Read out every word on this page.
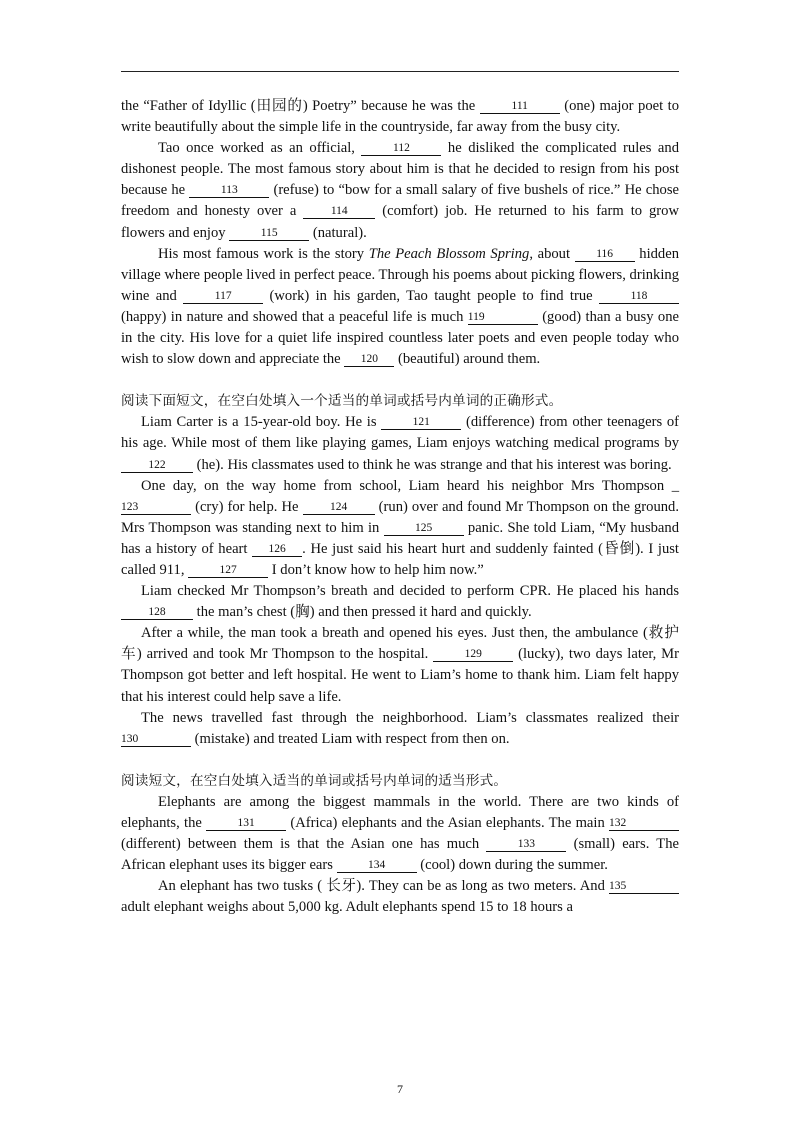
the “Father of Idyllic (田园的) Poetry” because he was the	111 (one) major poet to write beautifully about the simple life in the countryside, far away from the busy city.

Tao once worked as an official,	112 he disliked the complicated rules and dishonest people. The most famous story about him is that he decided to resign from his post because he	113 (refuse) to “bow for a small salary of five bushels of rice.” He chose freedom and honesty over a 114 (comfort) job. He returned to his farm to grow flowers and enjoy	115 (natural).

His most famous work is the story The Peach Blossom Spring, about 116 hidden village where people lived in perfect peace. Through his poems about picking flowers, drinking wine and	117 (work) in his garden, Tao taught people to find true	118 (happy) in nature and showed that a peaceful life is much 119	(good) than a busy one in the city. His love for a quiet life inspired countless later poets and even people today who wish to slow down and appreciate the 120 (beautiful) around them.

阅读下面短文，在空白处填入一个适当的单词或括号内单词的正确形式。

Liam Carter is a 15-year-old boy. He is	121 (difference) from other teenagers of his age. While most of them like playing games, Liam enjoys watching medical programs by 122 (he). His classmates used to think he was strange and that his interest was boring.

One day, on the way home from school, Liam heard his neighbor Mrs Thompson _ 123	(cry) for help. He 124 (run) over and found Mr Thompson on the ground. Mrs Thompson was standing next to him in	125 panic. She told Liam, “My husband has a history of heart 126 . He just said his heart hurt and suddenly fainted (昏倒). I just called 911,	127 I don’t know how to help him now.”

Liam checked Mr Thompson’s breath and decided to perform CPR. He placed his hands128 the man’s chest (胸) and then pressed it hard and quickly.

After a while, the man took a breath and opened his eyes. Just then, the ambulance (救护车) arrived and took Mr Thompson to the hospital.	129 (lucky), two days later, Mr Thompson got better and left hospital. He went to Liam’s home to thank him. Liam felt happy that his interest could help save a life.

The news travelled fast through the neighborhood. Liam’s classmates realized their 130	(mistake) and treated Liam with respect from then on.

阅读短文，在空白处填入适当的单词或括号内单词的适当形式。

Elephants are among the biggest mammals in the world. There are two kinds of elephants, the	131 (Africa) elephants and the Asian elephants. The main 132 (different) between them is that the Asian one has much	133 (small) ears. The African elephant uses its bigger ears	134 (cool) down during the summer.

An elephant has two tusks ( 长牙). They can be as long as two meters. And 135 adult elephant weighs about 5,000 kg. Adult elephants spend 15 to 18 hours a

7
